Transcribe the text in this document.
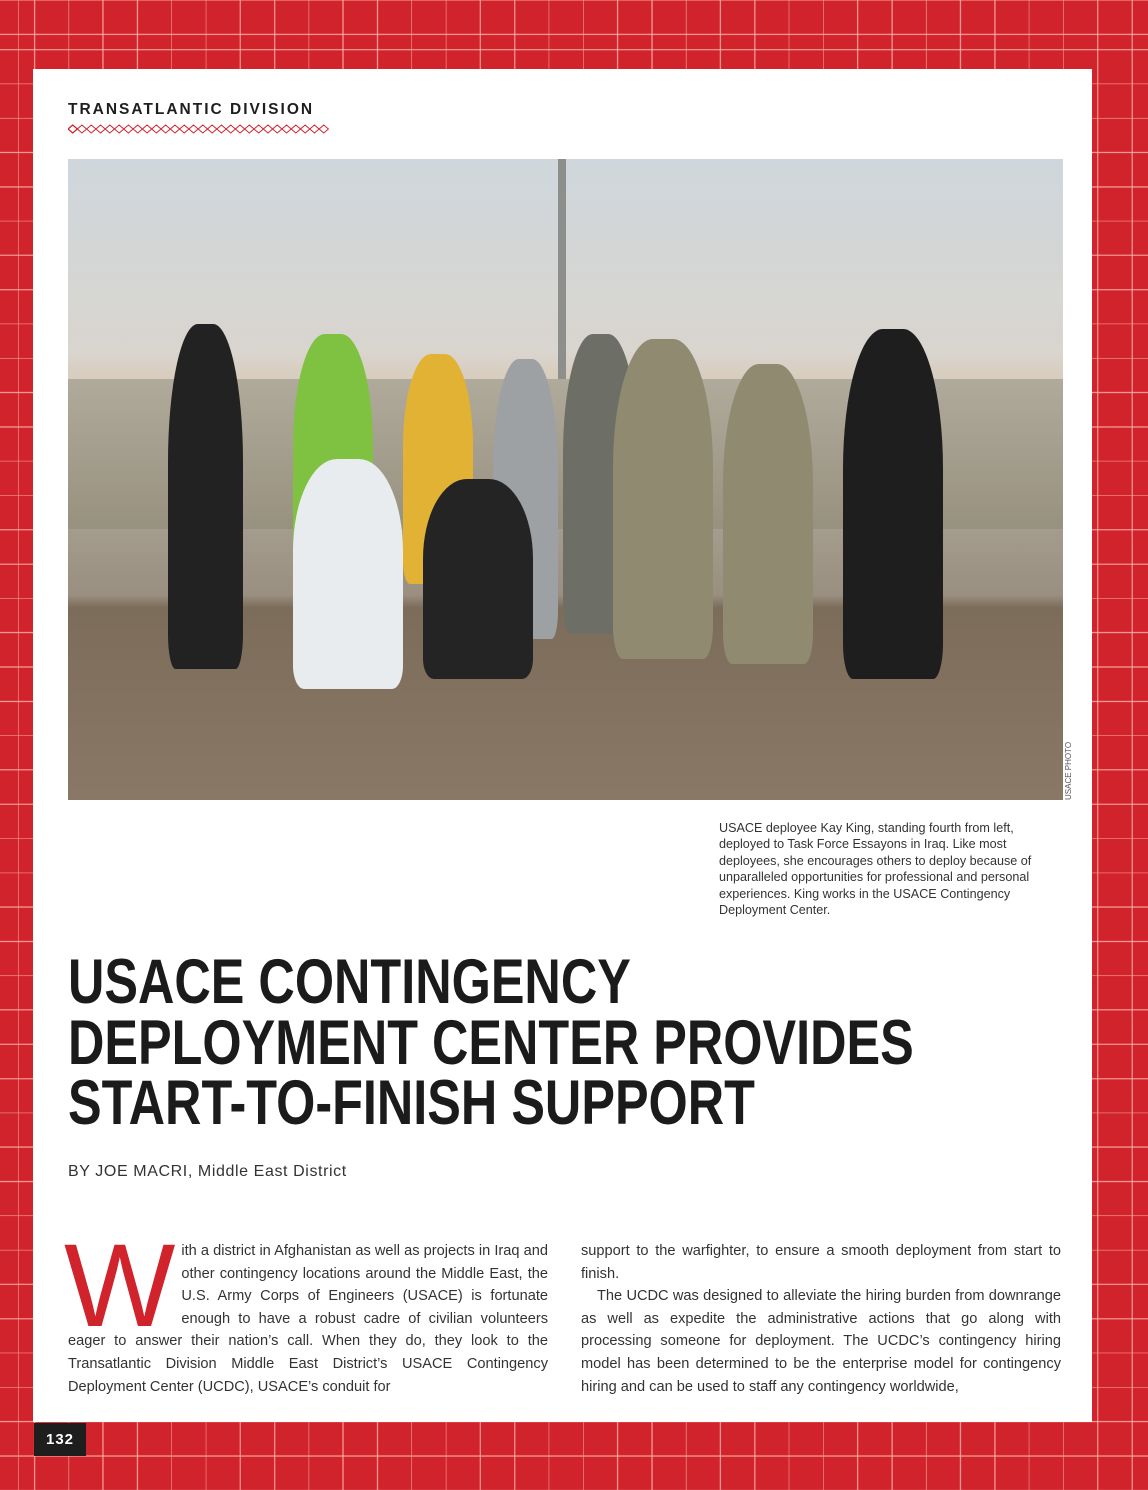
TRANSATLANTIC DIVISION
USACE PHOTO
USACE deployee Kay King, standing fourth from left, deployed to Task Force Essayons in Iraq. Like most deployees, she encourages others to deploy because of unparalleled opportunities for professional and personal experiences. King works in the USACE Contingency Deployment Center.
USACE CONTINGENCY
DEPLOYMENT CENTER PROVIDES
START-TO-FINISH SUPPORT
BY JOE MACRI, Middle East District

With a district in Afghanistan as well as projects in Iraq and other contingency locations around the Middle East, the U.S. Army Corps of Engineers (USACE) is fortunate enough to have a robust cadre of civilian volunteers eager to answer their nation’s call. When they do, they look to the Transatlantic Division Middle East District’s USACE Contingency Deployment Center (UCDC), USACE’s conduit for

support to the warfighter, to ensure a smooth deployment from start to finish.

The UCDC was designed to alleviate the hiring burden from downrange as well as expedite the administrative actions that go along with processing someone for deployment. The UCDC’s contingency hiring model has been determined to be the enterprise model for contingency hiring and can be used to staff any contingency worldwide,

132
